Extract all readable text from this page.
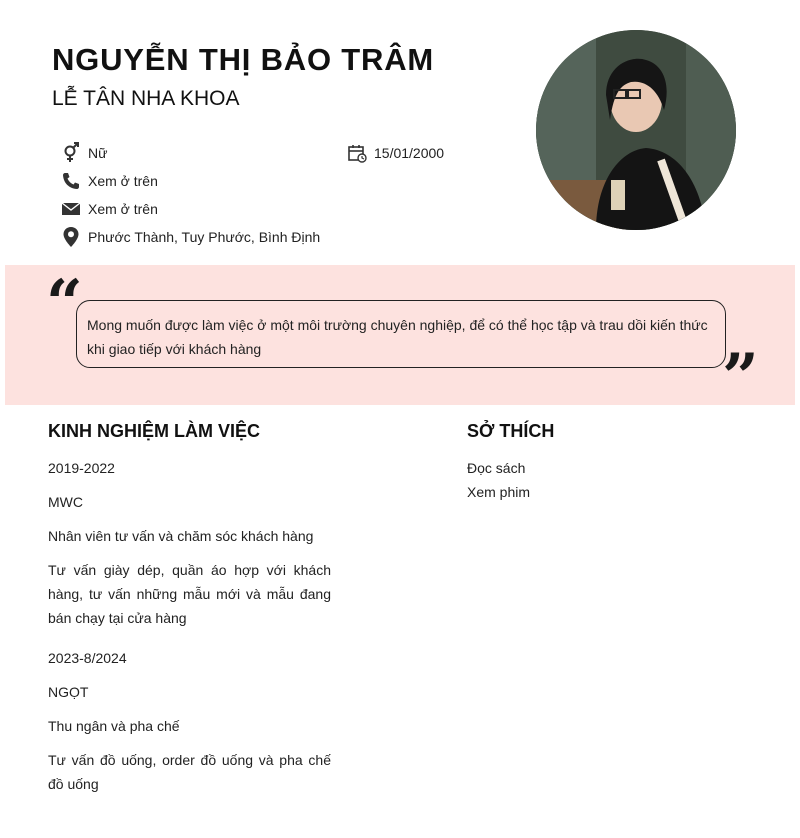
NGUYỄN THỊ BẢO TRÂM
LỄ TÂN NHA KHOA
Nữ	15/01/2000
Xem ở trên
Xem ở trên
Phước Thành, Tuy Phước, Bình Định
“ Mong muốn được làm việc ở một môi trường chuyên nghiệp, để có thể học tập và trau dồi kiến thức khi giao tiếp với khách hàng	”
KINH NGHIỆM LÀM VIỆC
2019-2022
MWC
Nhân viên tư vấn và chăm sóc khách hàng
Tư vấn giày dép, quần áo hợp với khách hàng, tư vấn những mẫu mới và mẫu đang bán chạy tại cửa hàng
2023-8/2024
NGỌT
Thu ngân và pha chế
Tư vấn đồ uống, order đồ uống và pha chế đồ uống
SỞ THÍCH
Đọc sách
Xem phim
